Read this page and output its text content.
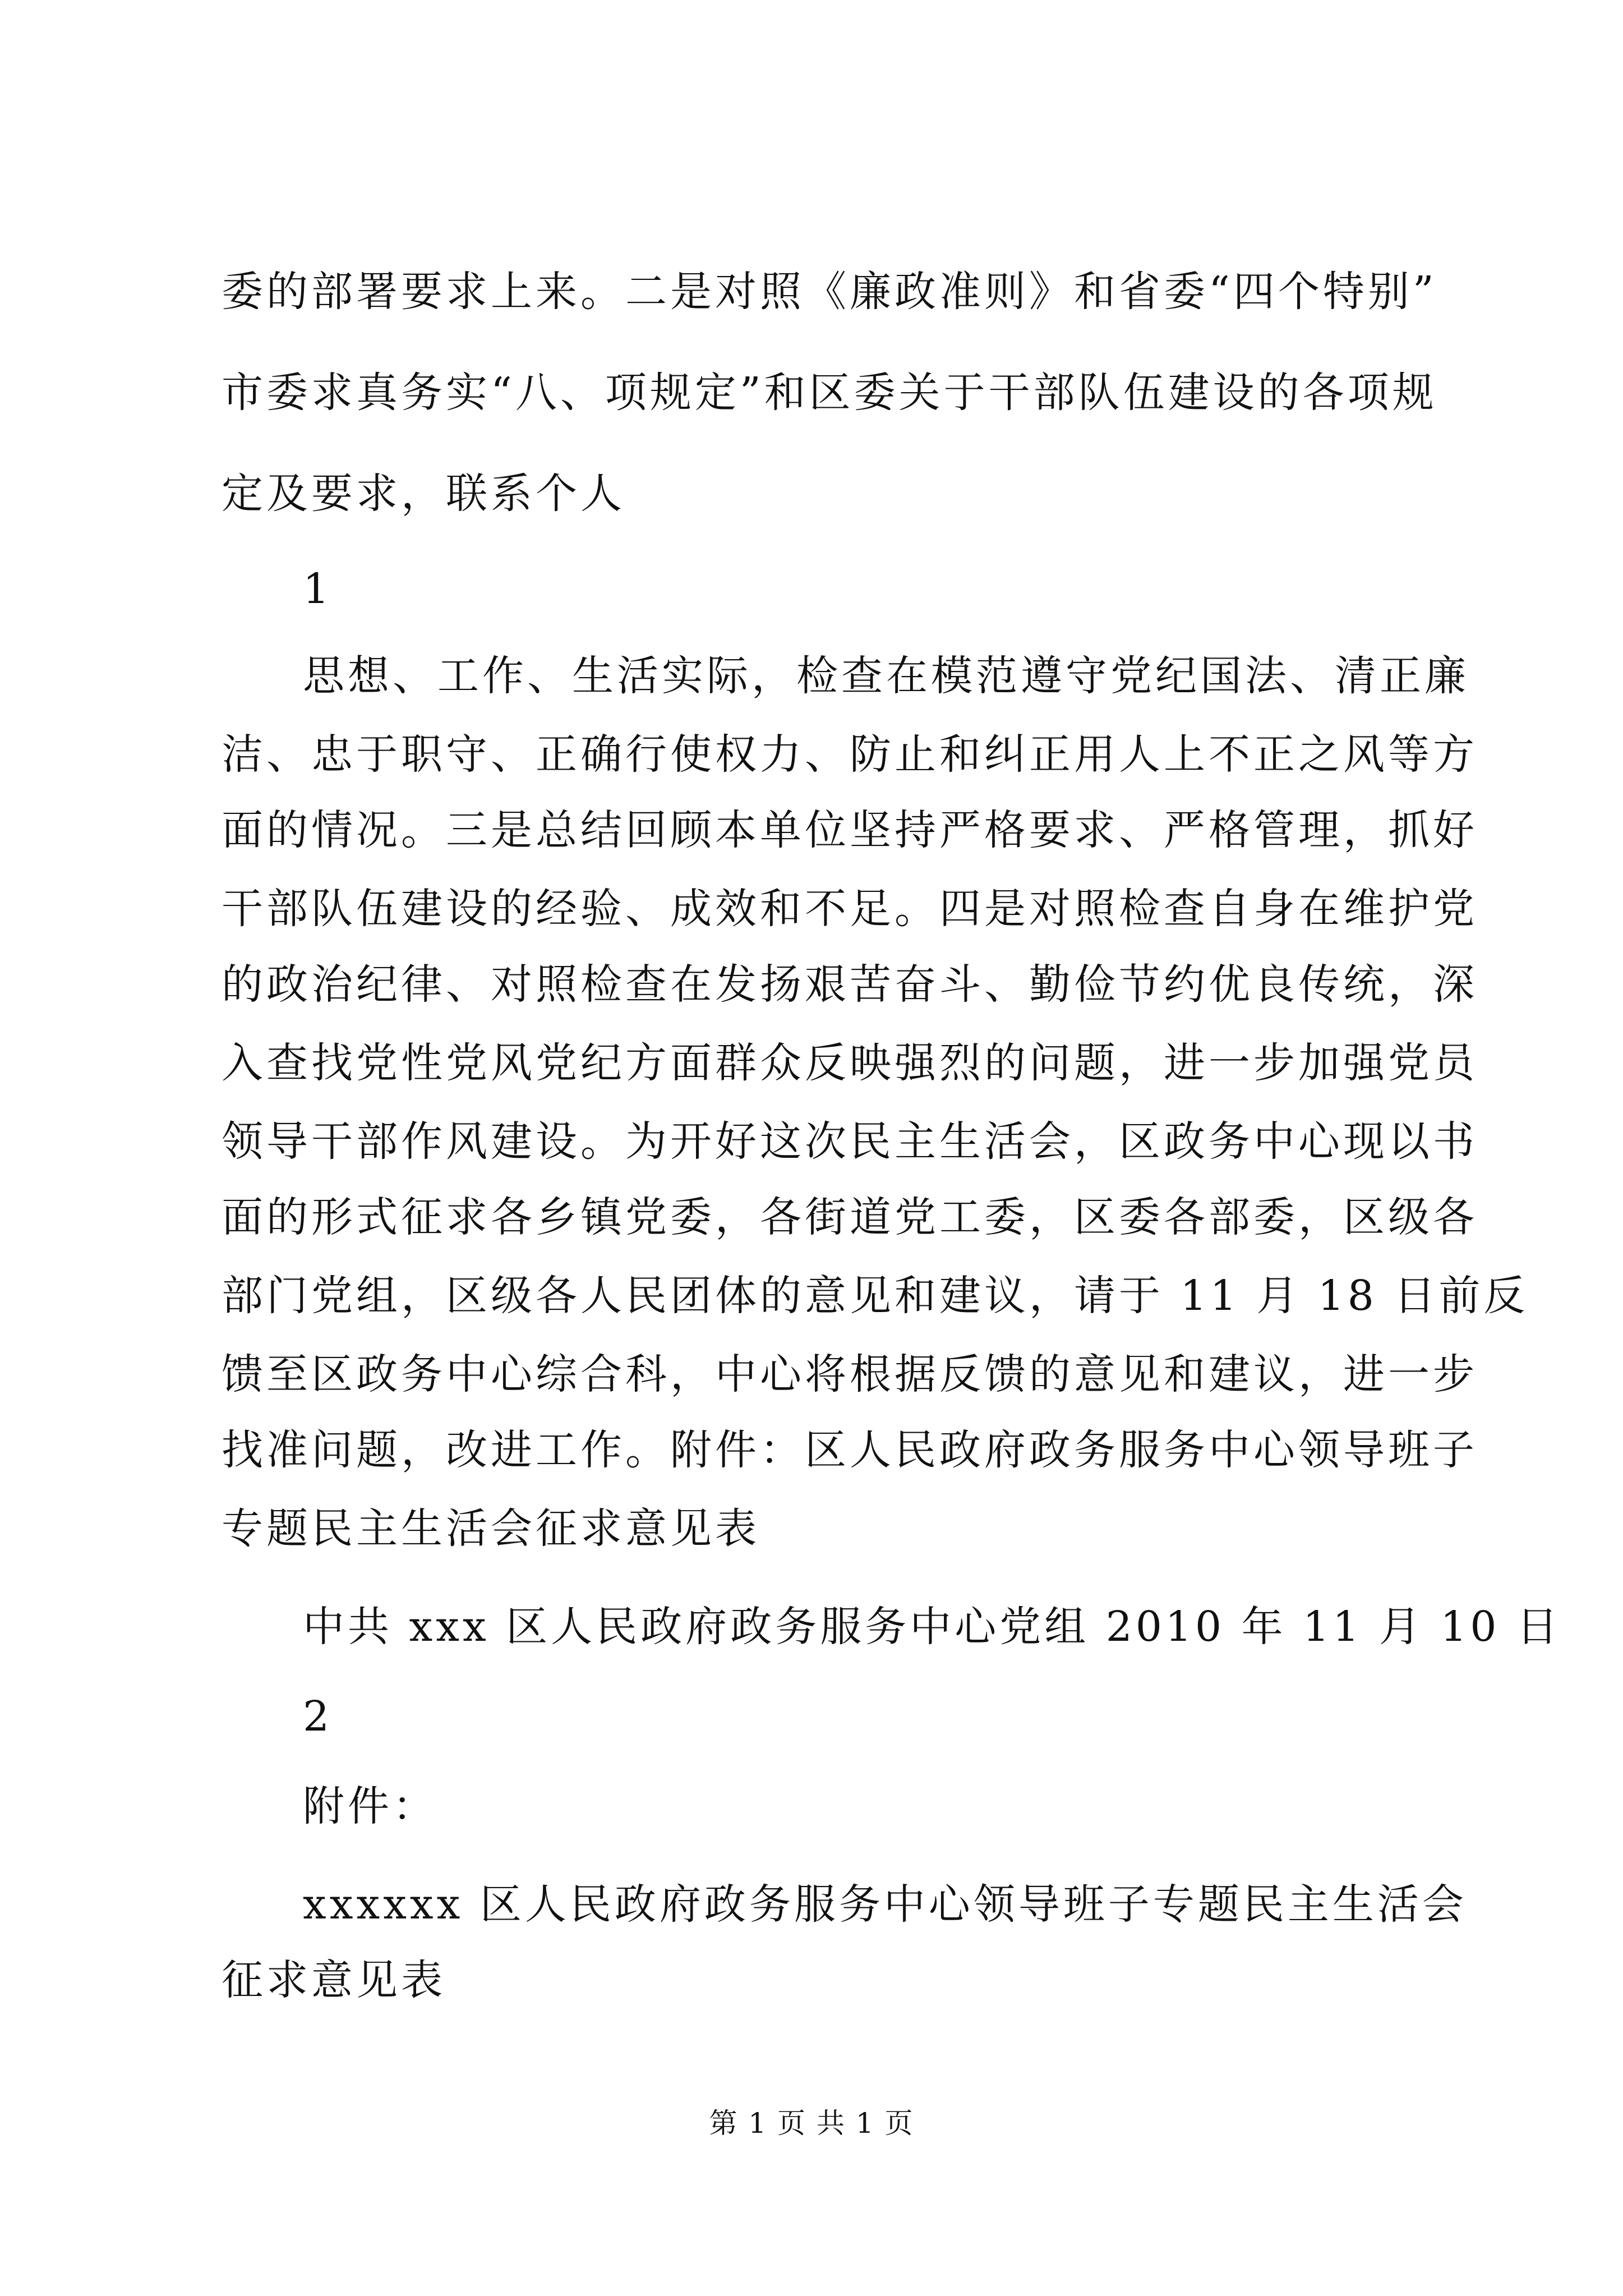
委的部署要求上来。二是对照《廉政准则》和省委“四个特别”
市委求真务实“八、项规定”和区委关于干部队伍建设的各项规
定及要求，联系个人
1
思想、工作、生活实际，检查在模范遵守党纪国法、清正廉
洁、忠于职守、正确行使权力、防止和纠正用人上不正之风等方
面的情况。三是总结回顾本单位坚持严格要求、严格管理，抓好
干部队伍建设的经验、成效和不足。四是对照检查自身在维护党
的政治纪律、对照检查在发扬艰苦奋斗、勤俭节约优良传统，深
入查找党性党风党纪方面群众反映强烈的问题，进一步加强党员
领导干部作风建设。为开好这次民主生活会，区政务中心现以书
面的形式征求各乡镇党委，各街道党工委，区委各部委，区级各
部门党组，区级各人民团体的意见和建议，请于 11 月 18 日前反
馈至区政务中心综合科，中心将根据反馈的意见和建议，进一步
找准问题，改进工作。附件：区人民政府政务服务中心领导班子
专题民主生活会征求意见表
中共 xxx 区人民政府政务服务中心党组 2010 年 11 月 10 日
2
附件：
xxxxxx 区人民政府政务服务中心领导班子专题民主生活会
征求意见表
第 1 页 共 1 页
